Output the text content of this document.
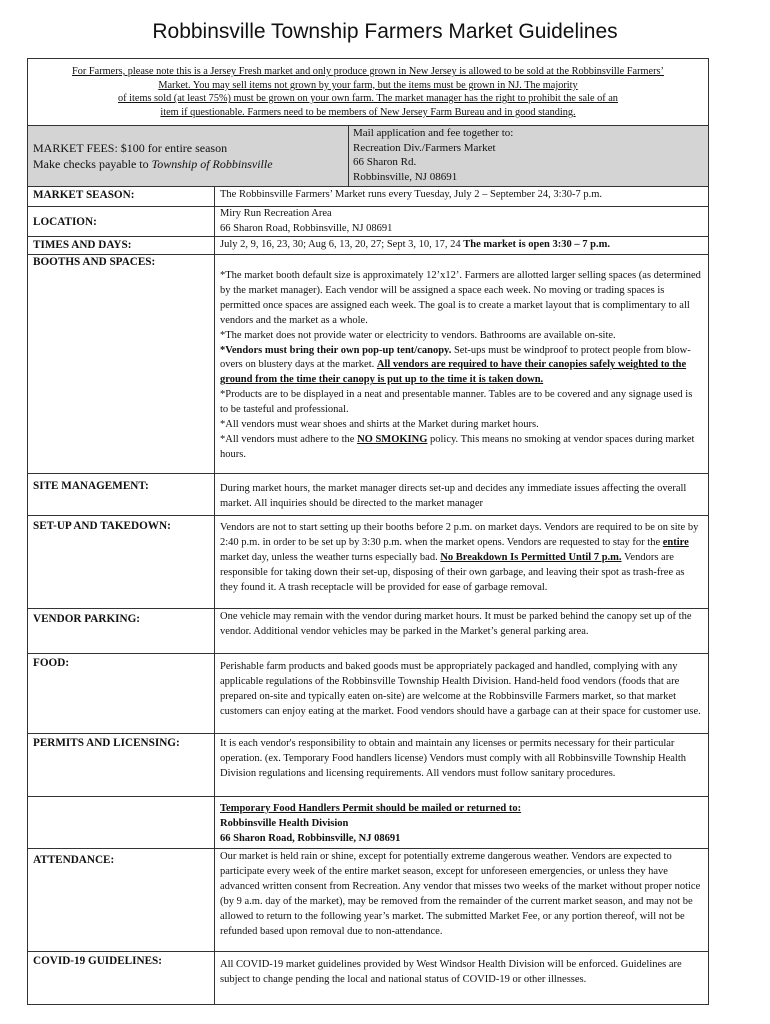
Robbinsville Township Farmers Market Guidelines
For Farmers, please note this is a Jersey Fresh market and only produce grown in New Jersey is allowed to be sold at the Robbinsville Farmers’
Market. You may sell items not grown by your farm, but the items must be grown in NJ. The majority
of items sold (at least 75%) must be grown on your own farm. The market manager has the right to prohibit the sale of an
item if questionable. Farmers need to be members of New Jersey Farm Bureau and in good standing.
MARKET FEES: $100 for entire season
Make checks payable to Township of Robbinsville
Mail application and fee together to:
Recreation Div./Farmers Market
66 Sharon Rd.
Robbinsville, NJ 08691
MARKET SEASON:	The Robbinsville Farmers’ Market runs every Tuesday, July 2 – September 24, 3:30-7 p.m.
LOCATION:
Miry Run Recreation Area
66 Sharon Road, Robbinsville, NJ 08691
TIMES AND DAYS:	July 2, 9, 16, 23, 30; Aug 6, 13, 20, 27; Sept 3, 10, 17, 24 The market is open 3:30 – 7 p.m.
BOOTHS AND SPACES:

*The market booth default size is approximately 12’x12’. Farmers are allotted larger selling spaces (as determined by the market manager). Each vendor will be assigned a space each week. No moving or trading spaces is permitted once spaces are assigned each week. The goal is to create a market layout that is complimentary to all vendors and the market as a whole.

*The market does not provide water or electricity to vendors. Bathrooms are available on-site.

*Vendors must bring their own pop-up tent/canopy. Set-ups must be windproof to protect people from blow-overs on blustery days at the market. All vendors are required to have their canopies safely weighted to the ground from the time their canopy is put up to the time it is taken down.

*Products are to be displayed in a neat and presentable manner. Tables are to be covered and any signage used is to be tasteful and professional.

*All vendors must wear shoes and shirts at the Market during market hours.

*All vendors must adhere to the NO SMOKING policy. This means no smoking at vendor spaces during market hours.

SITE MANAGEMENT:	During market hours, the market manager directs set-up and decides any immediate issues affecting the overall market. All inquiries should be directed to the market manager
SET-UP AND TAKEDOWN:	Vendors are not to start setting up their booths before 2 p.m. on market days. Vendors are required to be on site by 2:40 p.m. in order to be set up by 3:30 p.m. when the market opens. Vendors are requested to stay for the entire market day, unless the weather turns especially bad. No Breakdown Is Permitted Until 7 p.m. Vendors are responsible for taking down their set-up, disposing of their own garbage, and leaving their spot as trash-free as they found it. A trash receptacle will be provided for ease of garbage removal.
VENDOR PARKING:	One vehicle may remain with the vendor during market hours. It must be parked behind the canopy set up of the vendor. Additional vendor vehicles may be parked in the Market’s general parking area.
FOOD:	Perishable farm products and baked goods must be appropriately packaged and handled, complying with any applicable regulations of the Robbinsville Township Health Division. Hand-held food vendors (foods that are prepared on-site and typically eaten on-site) are welcome at the Robbinsville Farmers market, so that market customers can enjoy eating at the market. Food vendors should have a garbage can at their space for customer use.
PERMITS AND LICENSING:	It is each vendor's responsibility to obtain and maintain any licenses or permits necessary for their particular operation. (ex. Temporary Food handlers license) Vendors must comply with all Robbinsville Township Health Division regulations and licensing requirements. All vendors must follow sanitary procedures.
Temporary Food Handlers Permit should be mailed or returned to:
Robbinsville Health Division
66 Sharon Road, Robbinsville, NJ 08691
ATTENDANCE:	Our market is held rain or shine, except for potentially extreme dangerous weather. Vendors are expected to participate every week of the entire market season, except for unforeseen emergencies, or unless they have advanced written consent from Recreation. Any vendor that misses two weeks of the market without proper notice (by 9 a.m. day of the market), may be removed from the remainder of the current market season, and may not be allowed to return to the following year’s market. The submitted Market Fee, or any portion thereof, will not be refunded based upon removal due to non-attendance.
COVID-19 GUIDELINES:	All COVID-19 market guidelines provided by West Windsor Health Division will be enforced. Guidelines are subject to change pending the local and national status of COVID-19 or other illnesses.
